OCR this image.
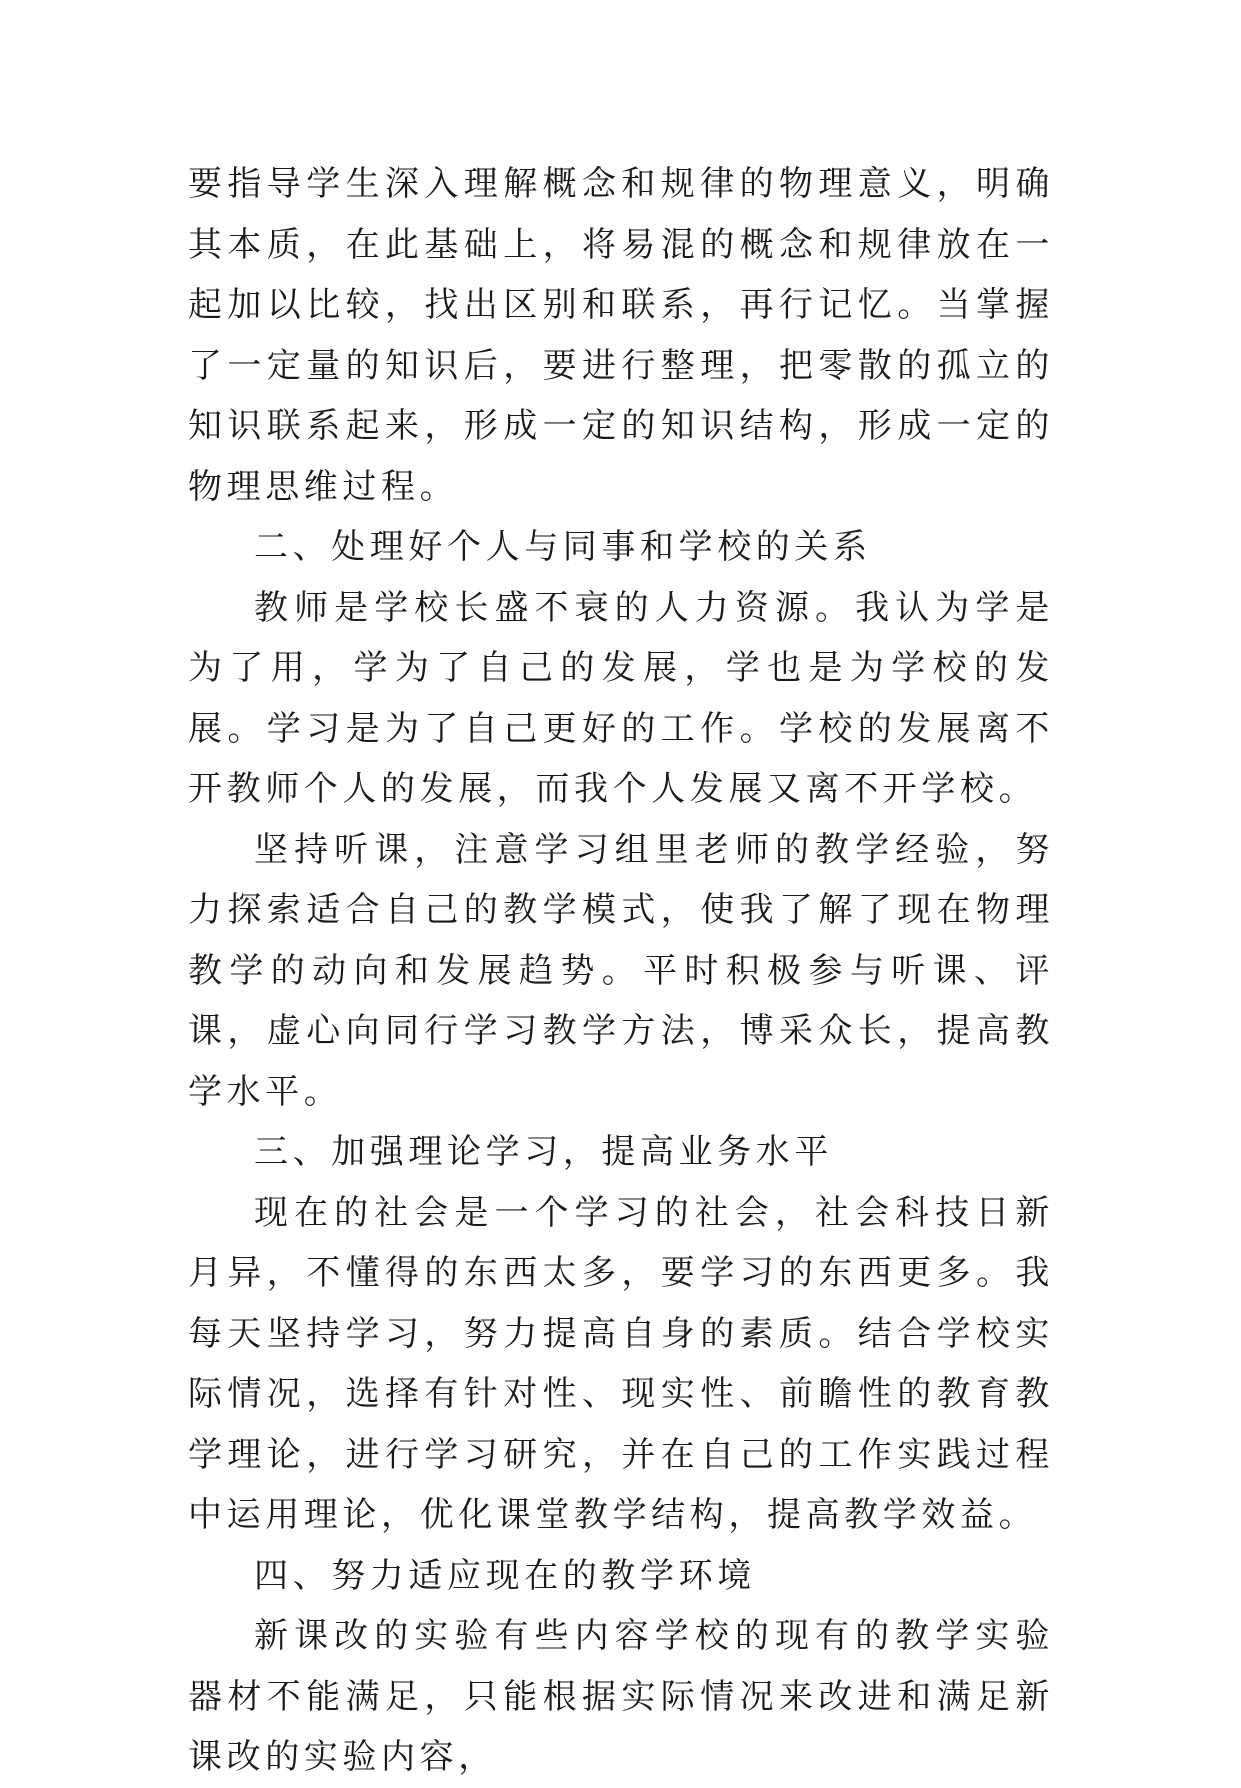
要指导学生深入理解概念和规律的物理意义，明确其本质，在此基础上，将易混的概念和规律放在一起加以比较，找出区别和联系，再行记忆。当掌握了一定量的知识后，要进行整理，把零散的孤立的知识联系起来，形成一定的知识结构，形成一定的物理思维过程。

二、处理好个人与同事和学校的关系

教师是学校长盛不衰的人力资源。我认为学是为了用，学为了自己的发展，学也是为学校的发展。学习是为了自己更好的工作。学校的发展离不开教师个人的发展，而我个人发展又离不开学校。

坚持听课，注意学习组里老师的教学经验，努力探索适合自己的教学模式，使我了解了现在物理教学的动向和发展趋势。平时积极参与听课、评课，虚心向同行学习教学方法，博采众长，提高教学水平。

三、加强理论学习，提高业务水平

现在的社会是一个学习的社会，社会科技日新月异，不懂得的东西太多，要学习的东西更多。我每天坚持学习，努力提高自身的素质。结合学校实际情况，选择有针对性、现实性、前瞻性的教育教学理论，进行学习研究，并在自己的工作实践过程中运用理论，优化课堂教学结构，提高教学效益。

四、努力适应现在的教学环境

新课改的实验有些内容学校的现有的教学实验器材不能满足，只能根据实际情况来改进和满足新课改的实验内容，
